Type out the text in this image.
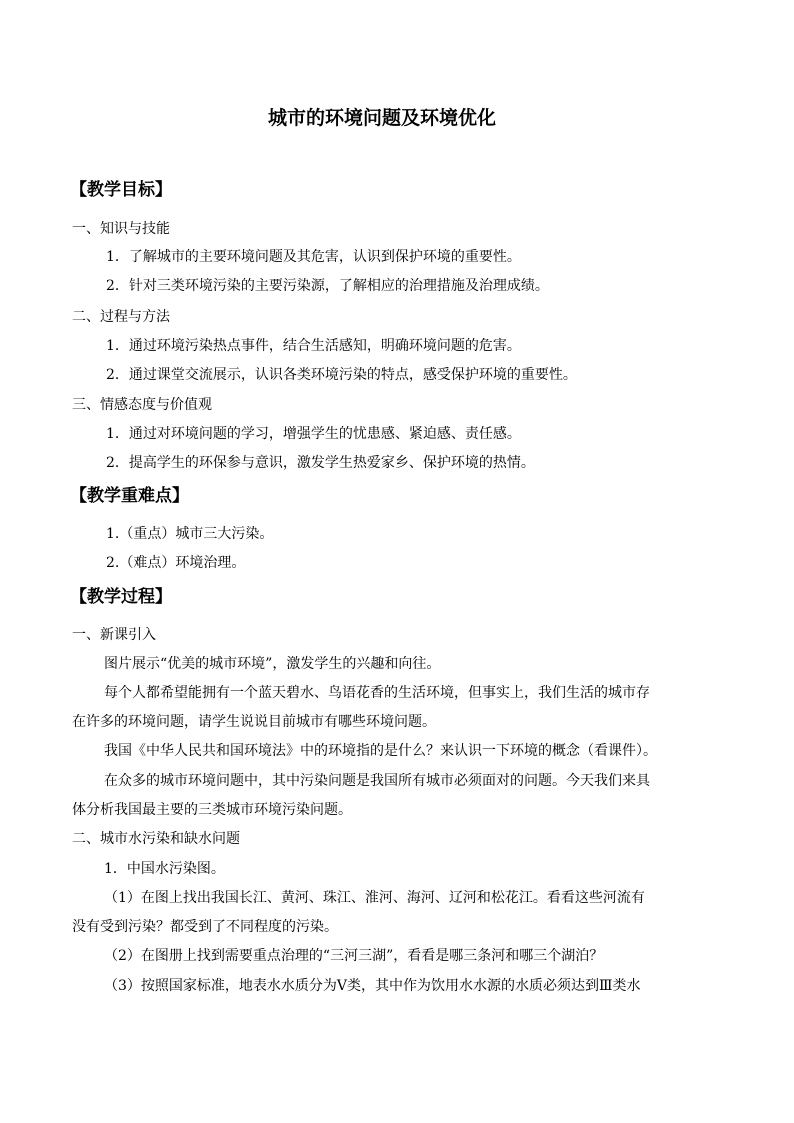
城市的环境问题及环境优化
【教学目标】
一、知识与技能
1．了解城市的主要环境问题及其危害，认识到保护环境的重要性。
2．针对三类环境污染的主要污染源，了解相应的治理措施及治理成绩。
二、过程与方法
1．通过环境污染热点事件，结合生活感知，明确环境问题的危害。
2．通过课堂交流展示，认识各类环境污染的特点，感受保护环境的重要性。
三、情感态度与价值观
1．通过对环境问题的学习，增强学生的忧患感、紧迫感、责任感。
2．提高学生的环保参与意识，激发学生热爱家乡、保护环境的热情。
【教学重难点】
1.（重点）城市三大污染。
2.（难点）环境治理。
【教学过程】
一、新课引入
图片展示“优美的城市环境”，激发学生的兴趣和向往。
每个人都希望能拥有一个蓝天碧水、鸟语花香的生活环境，但事实上，我们生活的城市存
在许多的环境问题，请学生说说目前城市有哪些环境问题。
我国《中华人民共和国环境法》中的环境指的是什么？来认识一下环境的概念（看课件）。
在众多的城市环境问题中，其中污染问题是我国所有城市必须面对的问题。今天我们来具
体分析我国最主要的三类城市环境污染问题。
二、城市水污染和缺水问题
1．中国水污染图。
（1）在图上找出我国长江、黄河、珠江、淮河、海河、辽河和松花江。看看这些河流有
没有受到污染？都受到了不同程度的污染。
（2）在图册上找到需要重点治理的“三河三湖”，看看是哪三条河和哪三个湖泊？
（3）按照国家标准，地表水水质分为Ⅴ类，其中作为饮用水水源的水质必须达到Ⅲ类水
